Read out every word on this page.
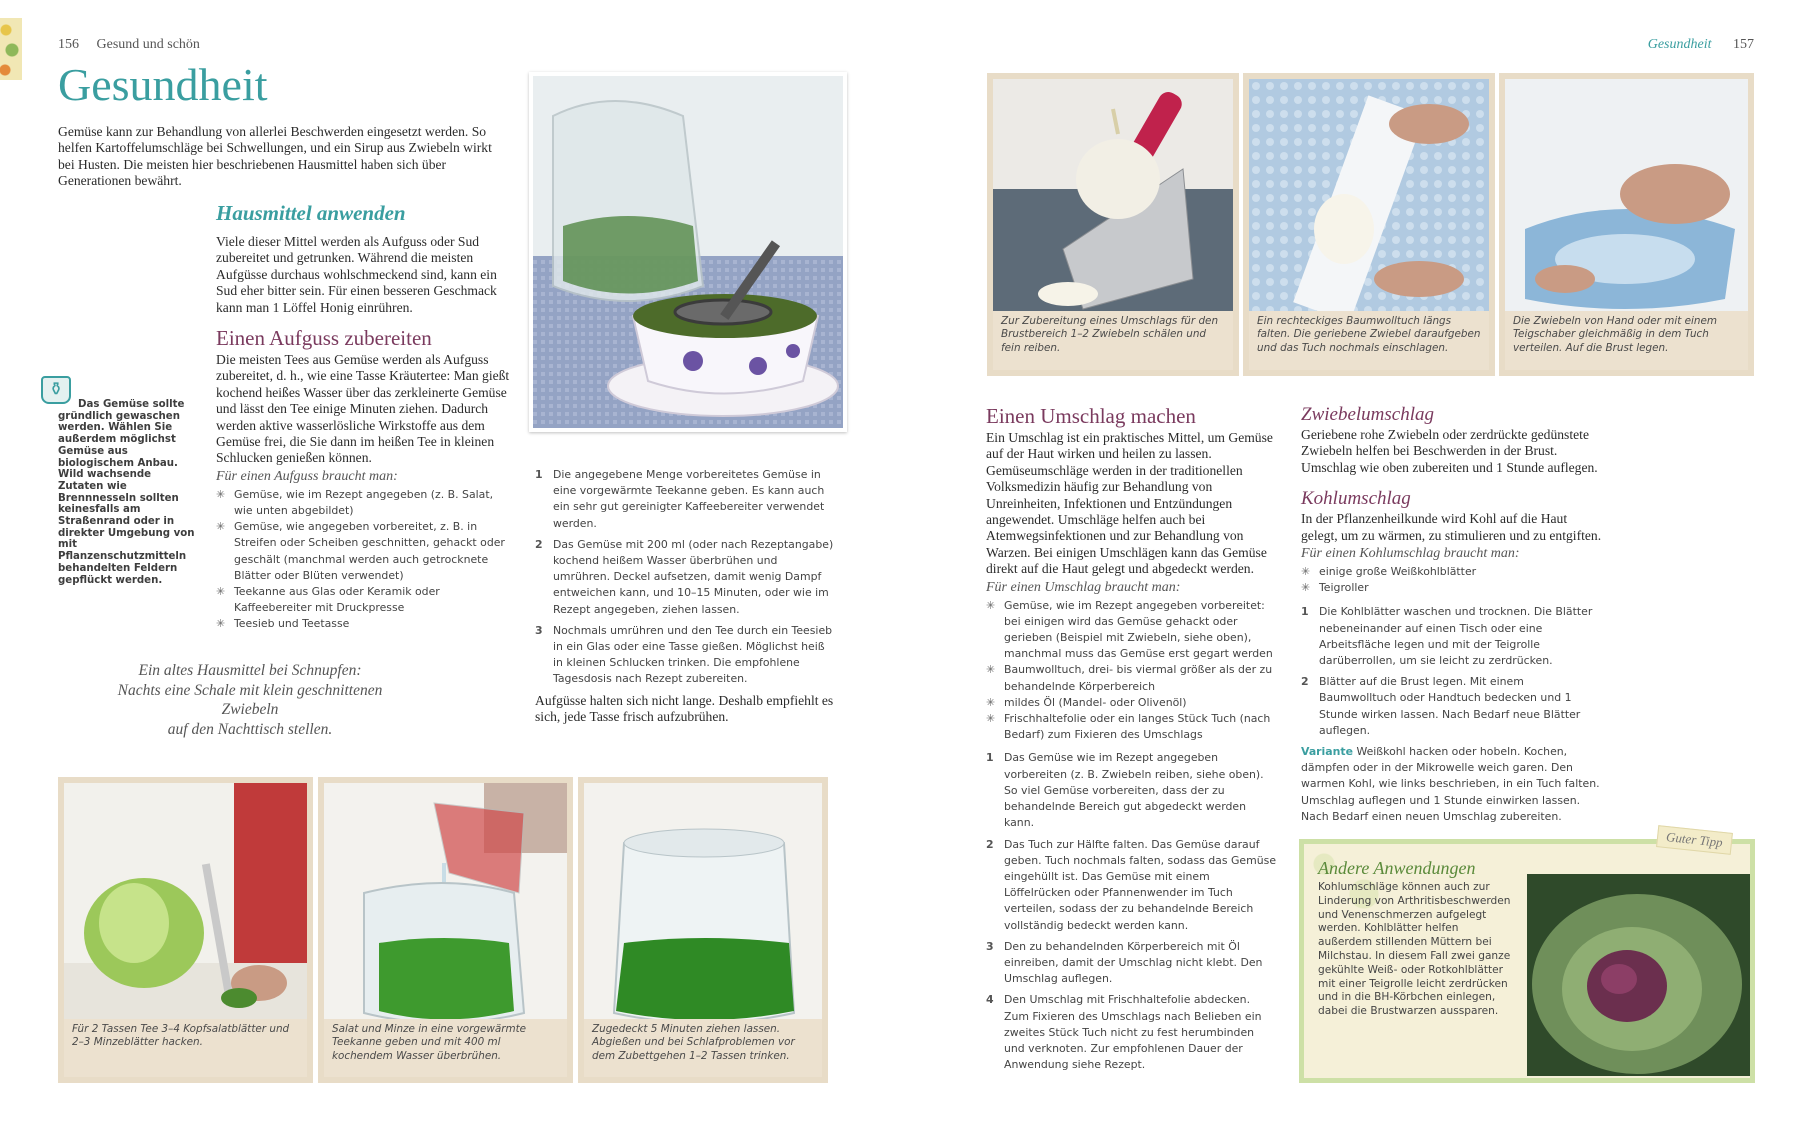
156 Gesund und schön
Gesundheit

Gemüse kann zur Behandlung von allerlei Beschwerden eingesetzt werden. So helfen Kartoffelumschläge bei Schwellungen, und ein Sirup aus Zwiebeln wirkt bei Husten. Die meisten hier beschriebenen Hausmittel haben sich über Generationen bewährt.

Hausmittel anwenden

Viele dieser Mittel werden als Aufguss oder Sud zubereitet und getrunken. Während die meisten Aufgüsse durchaus wohlschmeckend sind, kann ein Sud eher bitter sein. Für einen besseren Geschmack kann man 1 Löffel Honig einrühren.

Einen Aufguss zubereiten

Die meisten Tees aus Gemüse werden als Aufguss zubereitet, d. h., wie eine Tasse Kräutertee: Man gießt kochend heißes Wasser über das zerkleinerte Gemüse und lässt den Tee einige Minuten ziehen. Dadurch werden aktive wasserlösliche Wirkstoffe aus dem Gemüse frei, die Sie dann im heißen Tee in kleinen Schlucken genießen können.

Für einen Aufguss braucht man:
✳ Gemüse, wie im Rezept angegeben (z. B. Salat, wie unten abgebildet)
✳ Gemüse, wie angegeben vorbereitet, z. B. in Streifen oder Scheiben geschnitten, gehackt oder geschält (manchmal werden auch getrocknete Blätter oder Blüten verwendet)
✳ Teekanne aus Glas oder Keramik oder Kaffeebereiter mit Druckpresse
✳ Teesieb und Teetasse
⚱

Das Gemüse sollte gründlich gewaschen werden. Wählen Sie außerdem möglichst Gemüse aus biologischem Anbau. Wild wachsende Zutaten wie Brennnesseln sollten keinesfalls am Straßenrand oder in direkter Umgebung von mit Pflanzenschutzmitteln behandelten Feldern gepflückt werden.

Ein altes Hausmittel bei Schnupfen:
Nachts eine Schale mit klein geschnittenen Zwiebeln
auf den Nachttisch stellen.
1 Die angegebene Menge vorbereitetes Gemüse in eine vorgewärmte Teekanne geben. Es kann auch ein sehr gut gereinigter Kaffeebereiter verwendet werden.
2 Das Gemüse mit 200 ml (oder nach Rezeptangabe) kochend heißem Wasser überbrühen und umrühren. Deckel aufsetzen, damit wenig Dampf entweichen kann, und 10–15 Minuten, oder wie im Rezept angegeben, ziehen lassen.
3 Nochmals umrühren und den Tee durch ein Teesieb in ein Glas oder eine Tasse gießen. Möglichst heiß in kleinen Schlucken trinken. Die empfohlene Tagesdosis nach Rezept zubereiten.

Aufgüsse halten sich nicht lange. Deshalb empfiehlt es sich, jede Tasse frisch aufzubrühen.

Für 2 Tassen Tee 3–4 Kopfsalatblätter und 2–3 Minzeblätter hacken.
Salat und Minze in eine vorgewärmte Teekanne geben und mit 400 ml kochendem Wasser überbrühen.
Zugedeckt 5 Minuten ziehen lassen. Abgießen und bei Schlafproblemen vor dem Zubettgehen 1–2 Tassen trinken.
Gesundheit 157
Zur Zubereitung eines Umschlags für den Brustbereich 1–2 Zwiebeln schälen und fein reiben.
Ein rechteckiges Baumwolltuch längs falten. Die geriebene Zwiebel daraufgeben und das Tuch nochmals einschlagen.
Die Zwiebeln von Hand oder mit einem Teigschaber gleichmäßig in dem Tuch verteilen. Auf die Brust legen.
Einen Umschlag machen

Ein Umschlag ist ein praktisches Mittel, um Gemüse auf der Haut wirken und heilen zu lassen. Gemüseumschläge werden in der traditionellen Volksmedizin häufig zur Behandlung von Unreinheiten, Infektionen und Entzündungen angewendet. Umschläge helfen auch bei Atemwegsinfektionen und zur Behandlung von Warzen. Bei einigen Umschlägen kann das Gemüse direkt auf die Haut gelegt und abgedeckt werden.

Für einen Umschlag braucht man:
✳ Gemüse, wie im Rezept angegeben vorbereitet: bei einigen wird das Gemüse gehackt oder gerieben (Beispiel mit Zwiebeln, siehe oben), manchmal muss das Gemüse erst gegart werden
✳ Baumwolltuch, drei- bis viermal größer als der zu behandelnde Körperbereich
✳ mildes Öl (Mandel- oder Olivenöl)
✳ Frischhaltefolie oder ein langes Stück Tuch (nach Bedarf) zum Fixieren des Umschlags
1 Das Gemüse wie im Rezept angegeben vorbereiten (z. B. Zwiebeln reiben, siehe oben). So viel Gemüse vorbereiten, dass der zu behandelnde Bereich gut abgedeckt werden kann.
2 Das Tuch zur Hälfte falten. Das Gemüse darauf geben. Tuch nochmals falten, sodass das Gemüse eingehüllt ist. Das Gemüse mit einem Löffelrücken oder Pfannenwender im Tuch verteilen, sodass der zu behandelnde Bereich vollständig bedeckt werden kann.
3 Den zu behandelnden Körperbereich mit Öl einreiben, damit der Umschlag nicht klebt. Den Umschlag auflegen.
4 Den Umschlag mit Frischhaltefolie abdecken. Zum Fixieren des Umschlags nach Belieben ein zweites Stück Tuch nicht zu fest herumbinden und verknoten. Zur empfohlenen Dauer der Anwendung siehe Rezept.
Zwiebelumschlag

Geriebene rohe Zwiebeln oder zerdrückte gedünstete Zwiebeln helfen bei Beschwerden in der Brust. Umschlag wie oben zubereiten und 1 Stunde auflegen.

Kohlumschlag

In der Pflanzenheilkunde wird Kohl auf die Haut gelegt, um zu wärmen, zu stimulieren und zu entgiften.

Für einen Kohlumschlag braucht man:
✳ einige große Weißkohlblätter
✳ Teigroller
1 Die Kohlblätter waschen und trocknen. Die Blätter nebeneinander auf einen Tisch oder eine Arbeitsfläche legen und mit der Teigrolle darüberrollen, um sie leicht zu zerdrücken.
2 Blätter auf die Brust legen. Mit einem Baumwolltuch oder Handtuch bedecken und 1 Stunde wirken lassen. Nach Bedarf neue Blätter auflegen.

Variante Weißkohl hacken oder hobeln. Kochen, dämpfen oder in der Mikrowelle weich garen. Den warmen Kohl, wie links beschrieben, in ein Tuch falten. Umschlag auflegen und 1 Stunde einwirken lassen. Nach Bedarf einen neuen Umschlag zubereiten.

Andere Anwendungen

Kohlumschläge können auch zur Linderung von Arthritisbeschwerden und Venenschmerzen aufgelegt werden. Kohlblätter helfen außerdem stillenden Müttern bei Milchstau. In diesem Fall zwei ganze gekühlte Weiß- oder Rotkohlblätter mit einer Teigrolle leicht zerdrücken und in die BH-Körbchen einlegen, dabei die Brustwarzen aussparen.

Guter Tipp
